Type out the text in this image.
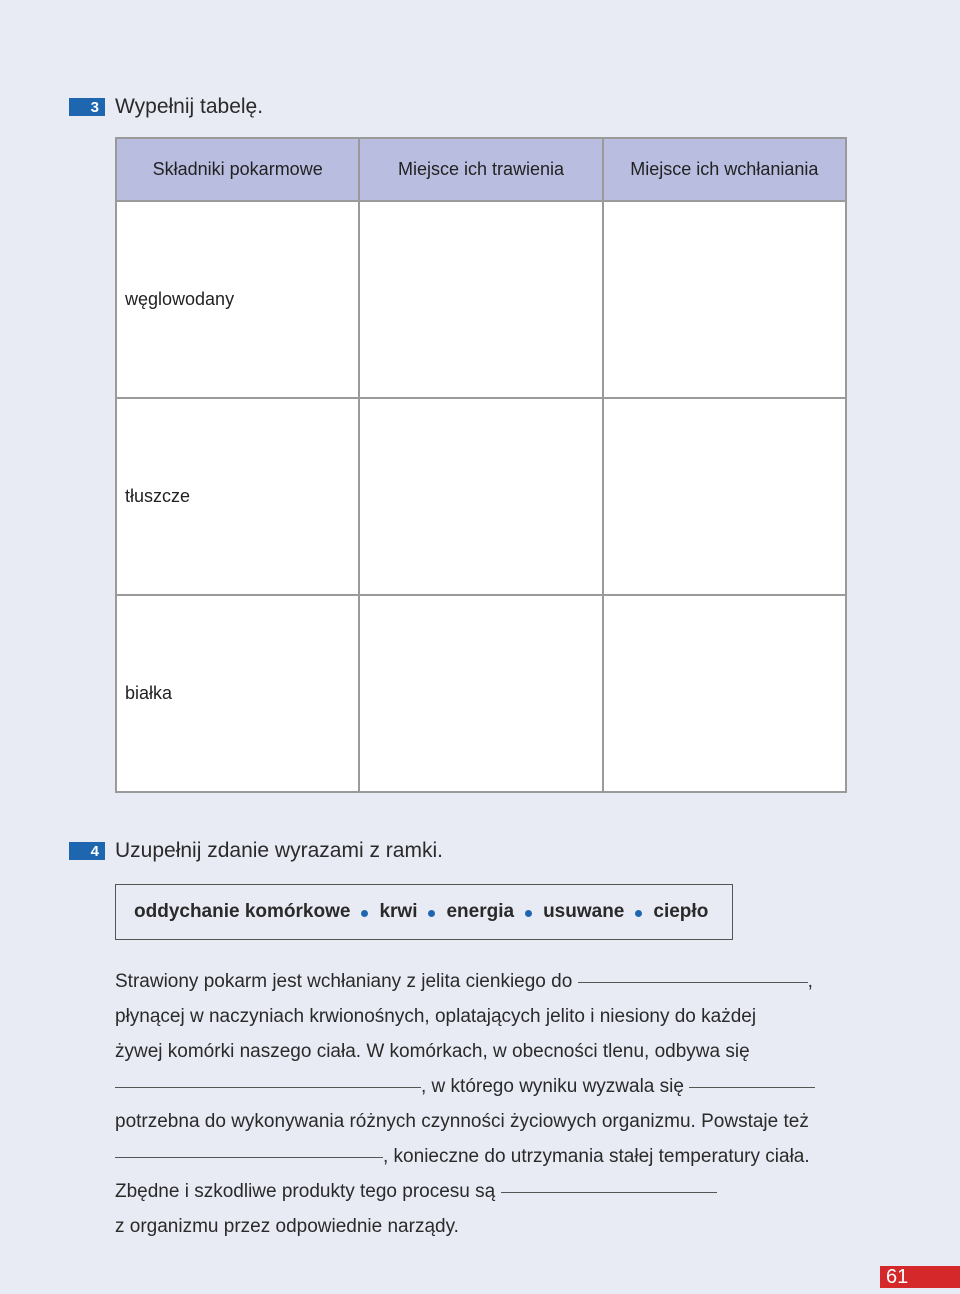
3 Wypełnij tabelę.
Składniki pokarmowe	Miejsce ich trawienia	Miejsce ich wchłaniania
węglowodany		
tłuszcze		
białka		
4 Uzupełnij zdanie wyrazami z ramki.
oddychanie komórkowe krwi energia usuwane ciepło
Strawiony pokarm jest wchłaniany z jelita cienkiego do	,
płynącej w naczyniach krwionośnych, oplatających jelito i niesiony do każdej
żywej komórki naszego ciała. W komórkach, w obecności tlenu, odbywa się
, w którego wyniku wyzwala się
potrzebna do wykonywania różnych czynności życiowych organizmu. Powstaje też
, konieczne do utrzymania stałej temperatury ciała.
Zbędne i szkodliwe produkty tego procesu są
z organizmu przez odpowiednie narządy.
61
